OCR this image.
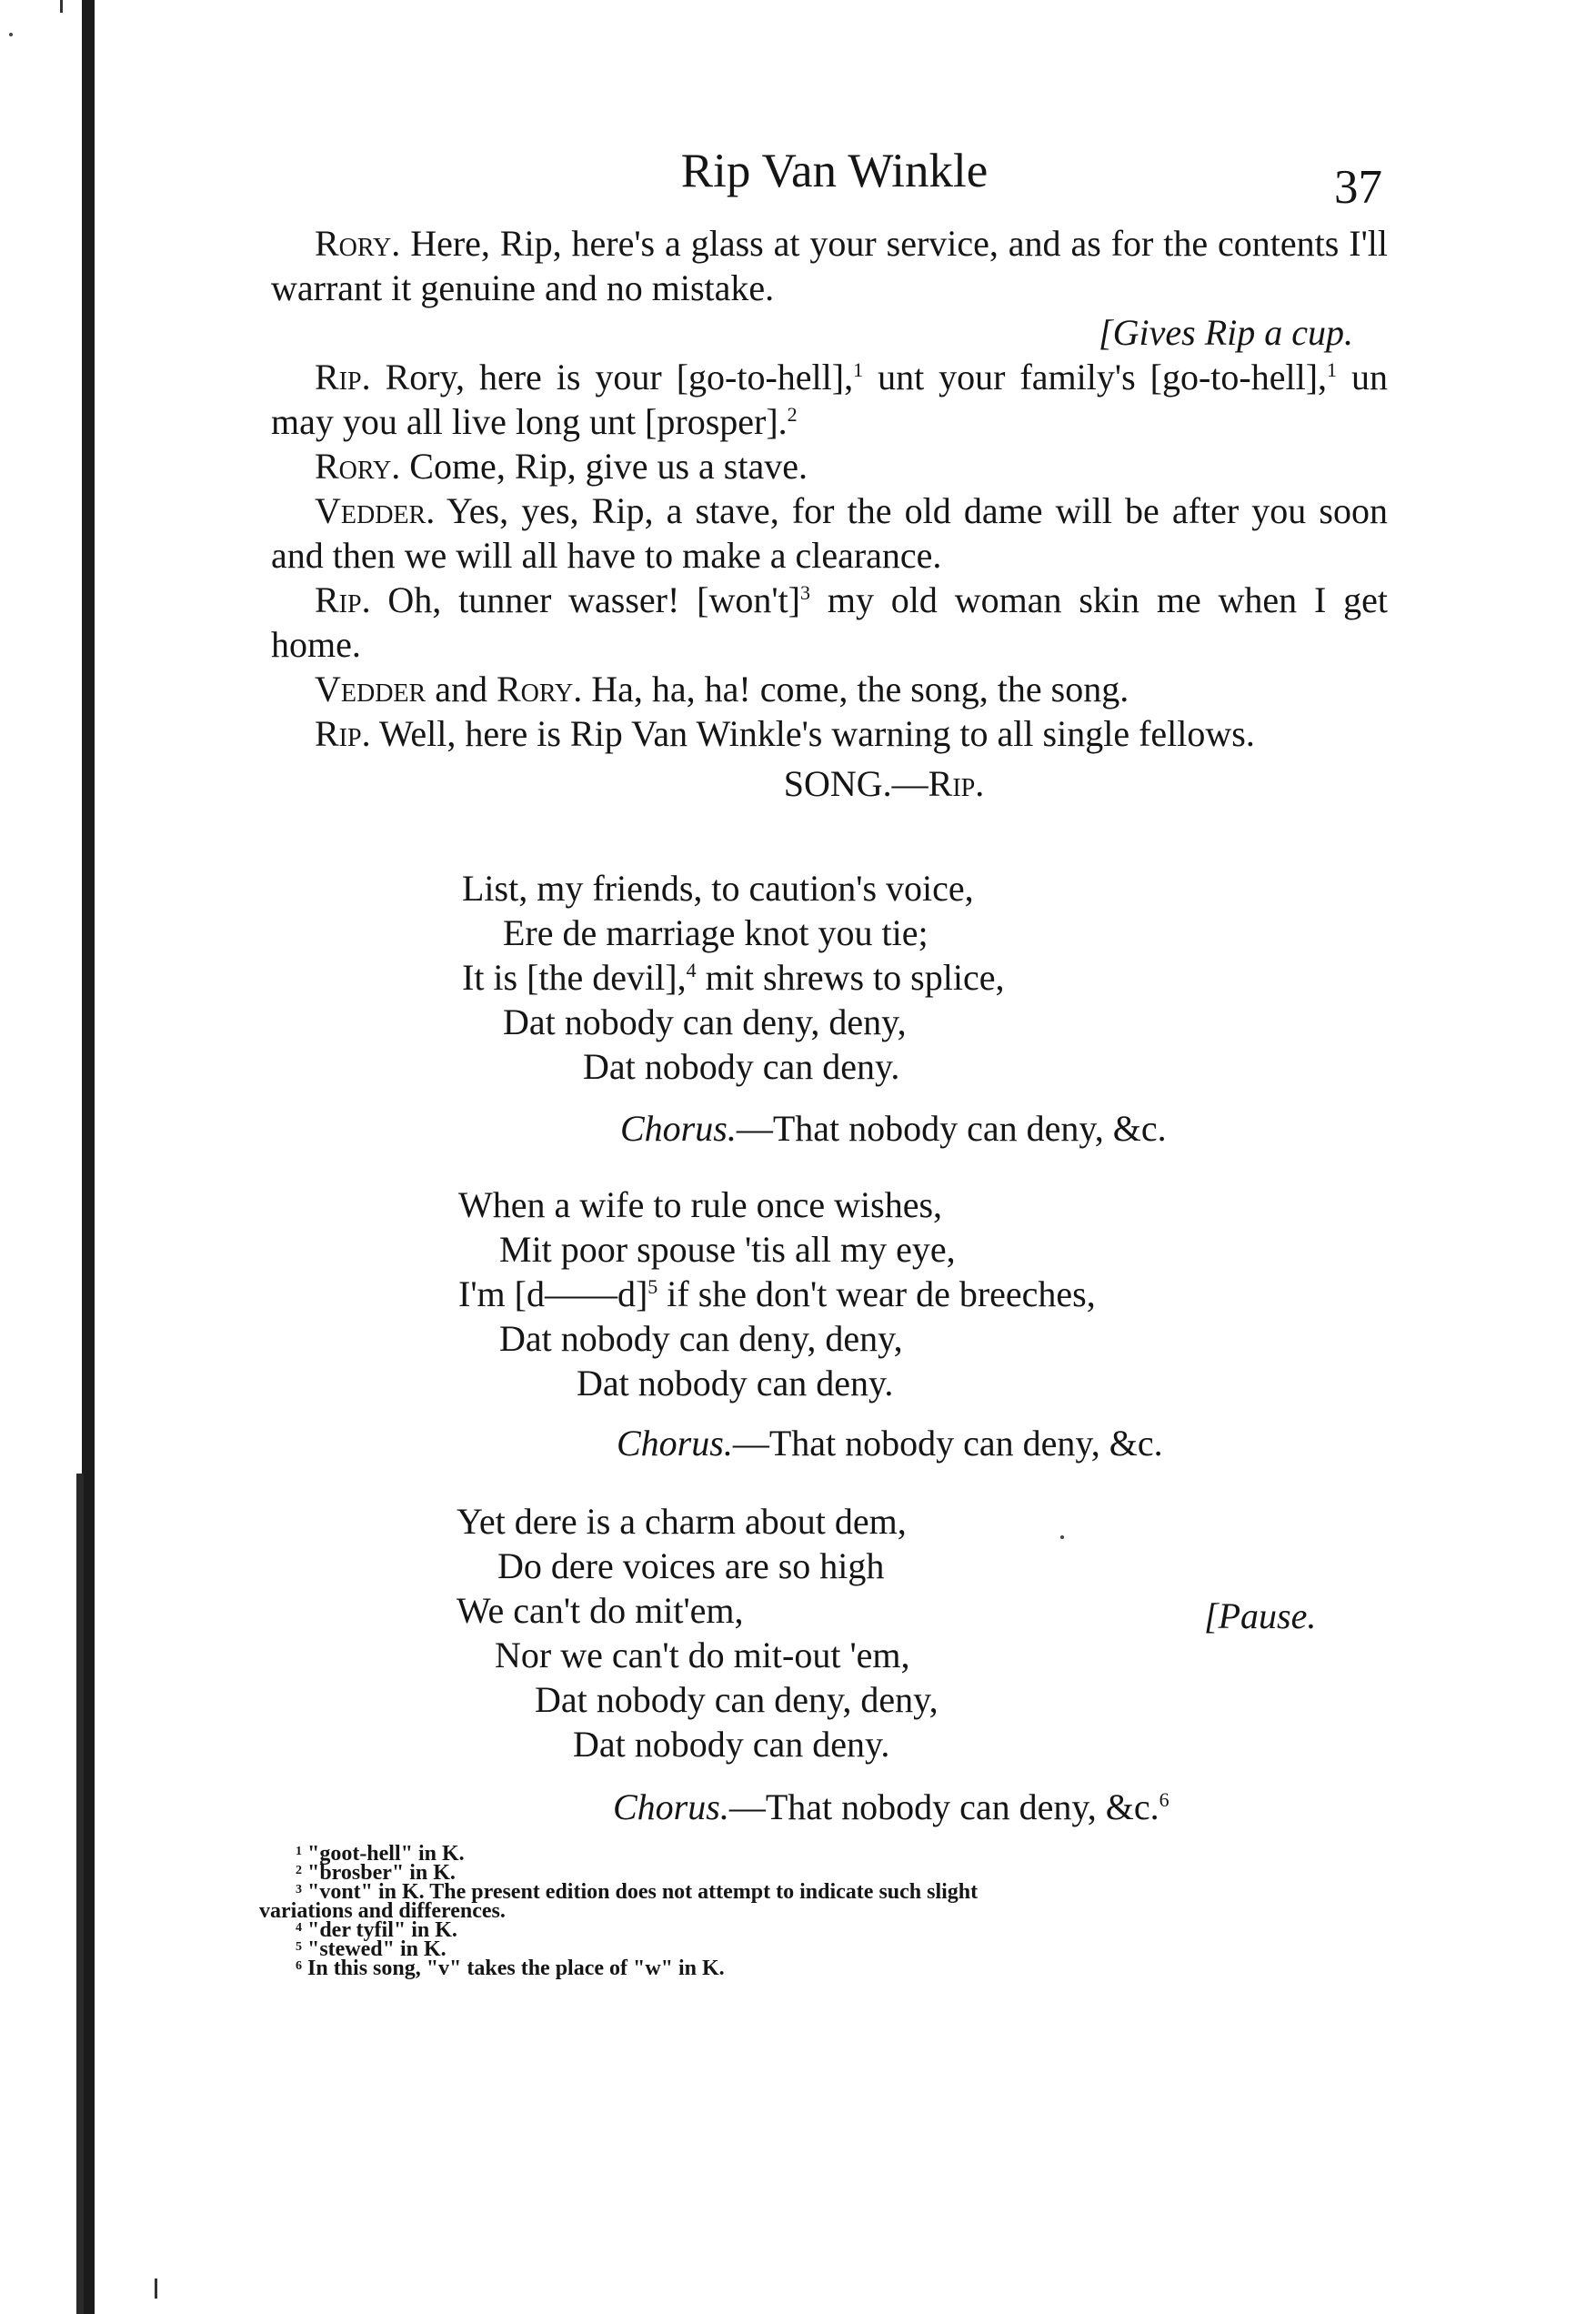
Rip Van Winkle	37

Rory. Here, Rip, here's a glass at your service, and as for the contents I'll warrant it genuine and no mistake.

[Gives Rip a cup.

Rip. Rory, here is your [go-to-hell],$^1$ unt your family's [go-to-hell],$^1$ un may you all live long unt [prosper].$^2$

Rory. Come, Rip, give us a stave.

Vedder. Yes, yes, Rip, a stave, for the old dame will be after you soon and then we will all have to make a clearance.

Rip. Oh, tunner wasser! $[won't]^3$ my old woman skin me when I get home.

Vedder and Rory. Ha, ha, ha! come, the song, the song.

Rip. Well, here is Rip Van Winkle's warning to all single fellows.

SONG.—Rip.

List, my friends, to caution's voice,
Ere de marriage knot you tie;
It is [the devil],$^4$ mit shrews to splice,
Dat nobody can deny, deny,
Dat nobody can deny.
Chorus.—That nobody can deny, &c.
When a wife to rule once wishes,
Mit poor spouse 'tis all my eye,
I'm [d——d]$^5$ if she don't wear de breeches,
Dat nobody can deny, deny,
Dat nobody can deny.
Chorus.—That nobody can deny, &c.
Yet dere is a charm about dem,
Do dere voices are so high
We can't do mit'em,
Nor we can't do mit-out 'em,
Dat nobody can deny, deny,
Dat nobody can deny.
[Pause.
Chorus.—That nobody can deny, &c.$^6$

$^1$ "goot-hell" in K.

$^2$ "brosber" in K.

$^3$ "vont" in K. The present edition does not attempt to indicate such slight

variations and differences.

$^4$ "der tyfil" in K.

$^5$ "stewed" in K.

$^6$ In this song, "v" takes the place of "w" in K.
